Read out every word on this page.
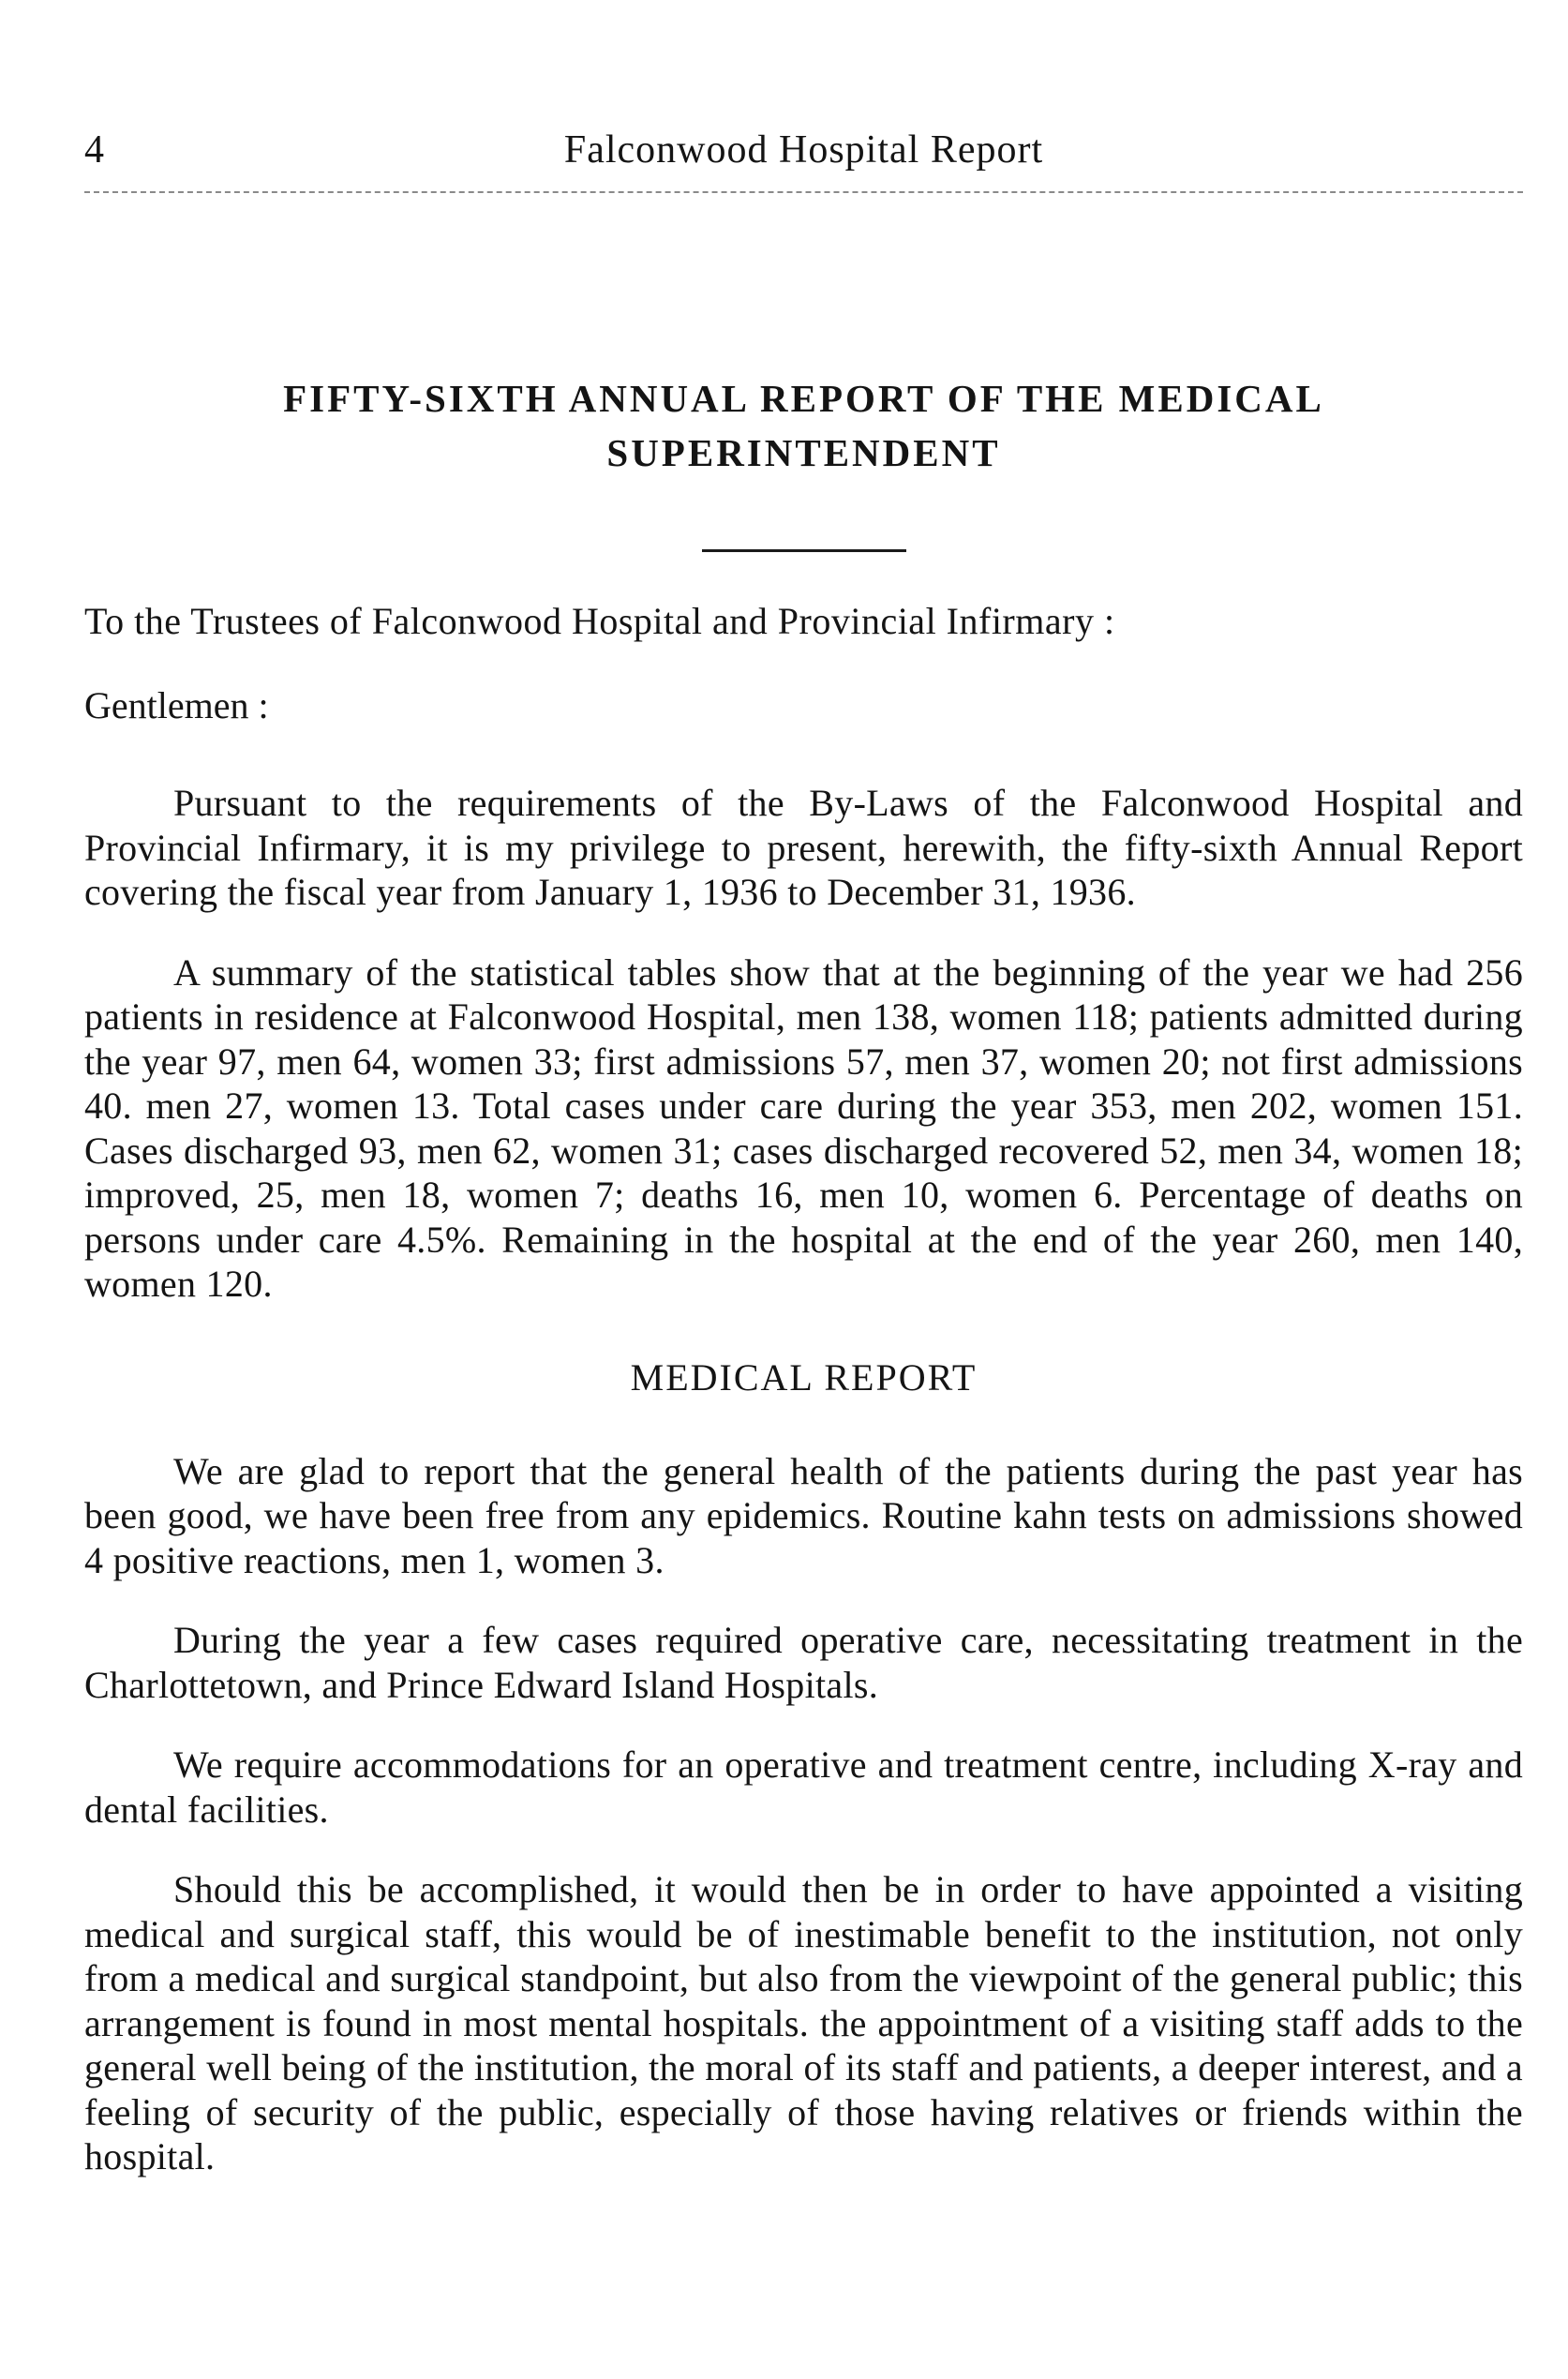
4	Falconwood Hospital Report
FIFTY-SIXTH ANNUAL REPORT OF THE MEDICAL
SUPERINTENDENT
To the Trustees of Falconwood Hospital and Provincial Infirmary :
Gentlemen :

Pursuant to the requirements of the By-Laws of the Falconwood Hospital and Provincial Infirmary, it is my privilege to present, herewith, the fifty-sixth Annual Report covering the fiscal year from January 1, 1936 to December 31, 1936.

A summary of the statistical tables show that at the beginning of the year we had 256 patients in residence at Falconwood Hospital, men 138, women 118; patients admitted during the year 97, men 64, women 33; first admissions 57, men 37, women 20; not first admissions 40. men 27, women 13. Total cases under care during the year 353, men 202, women 151. Cases discharged 93, men 62, women 31; cases discharged recovered 52, men 34, women 18; improved, 25, men 18, women 7; deaths 16, men 10, women 6. Percentage of deaths on persons under care 4.5%. Remaining in the hospital at the end of the year 260, men 140, women 120.

MEDICAL REPORT

We are glad to report that the general health of the patients during the past year has been good, we have been free from any epidemics. Routine kahn tests on admissions showed 4 positive reactions, men 1, women 3.

During the year a few cases required operative care, necessitating treatment in the Charlottetown, and Prince Edward Island Hospitals.

We require accommodations for an operative and treatment centre, including X-ray and dental facilities.

Should this be accomplished, it would then be in order to have appointed a visiting medical and surgical staff, this would be of inestimable benefit to the institution, not only from a medical and surgical standpoint, but also from the viewpoint of the general public; this arrangement is found in most mental hospitals. the appointment of a visiting staff adds to the general well being of the institution, the moral of its staff and patients, a deeper interest, and a feeling of security of the public, especially of those having relatives or friends within the hospital.
